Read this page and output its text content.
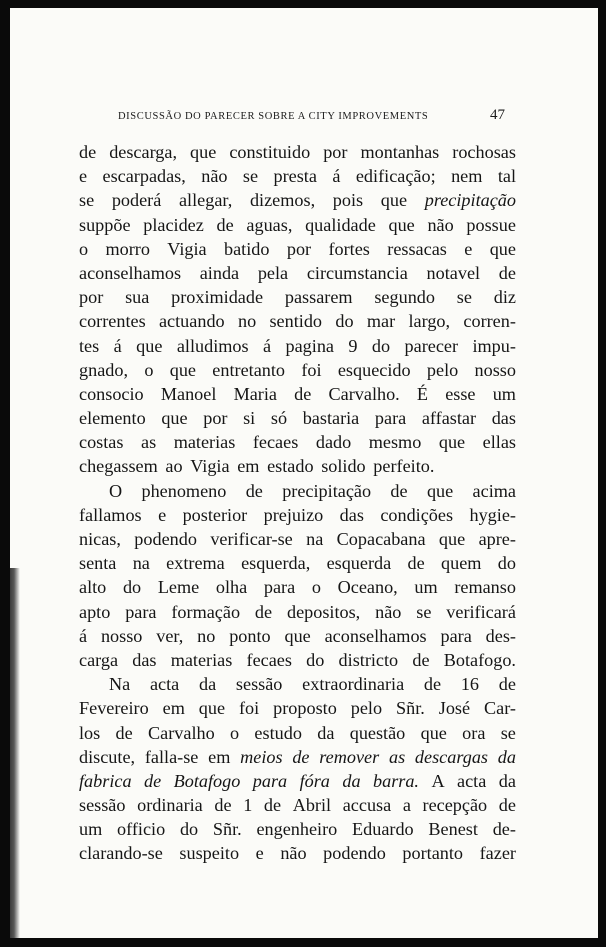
DISCUSSÃO DO PARECER SOBRE A CITY IMPROVEMENTS	47
de descarga, que constituido por montanhas rochosas
e escarpadas, não se presta á edificação; nem tal
se poderá allegar, dizemos, pois que precipitação
suppõe placidez de aguas, qualidade que não possue
o morro Vigia batido por fortes ressacas e que
aconselhamos ainda pela circumstancia notavel de
por sua proximidade passarem segundo se diz
correntes actuando no sentido do mar largo, corren-
tes á que alludimos á pagina 9 do parecer impu-
gnado, o que entretanto foi esquecido pelo nosso
consocio Manoel Maria de Carvalho. É esse um
elemento que por si só bastaria para affastar das
costas as materias fecaes dado mesmo que ellas
chegassem ao Vigia em estado solido perfeito.
O phenomeno de precipitação de que acima
fallamos e posterior prejuizo das condições hygie-
nicas, podendo verificar-se na Copacabana que apre-
senta na extrema esquerda, esquerda de quem do
alto do Leme olha para o Oceano, um remanso
apto para formação de depositos, não se verificará
á nosso ver, no ponto que aconselhamos para des-
carga das materias fecaes do districto de Botafogo.
Na acta da sessão extraordinaria de 16 de
Fevereiro em que foi proposto pelo Sñr. José Car-
los de Carvalho o estudo da questão que ora se
discute, falla-se em meios de remover as descargas da
fabrica de Botafogo para fóra da barra. A acta da
sessão ordinaria de 1 de Abril accusa a recepção de
um officio do Sñr. engenheiro Eduardo Benest de-
clarando-se suspeito e não podendo portanto fazer
